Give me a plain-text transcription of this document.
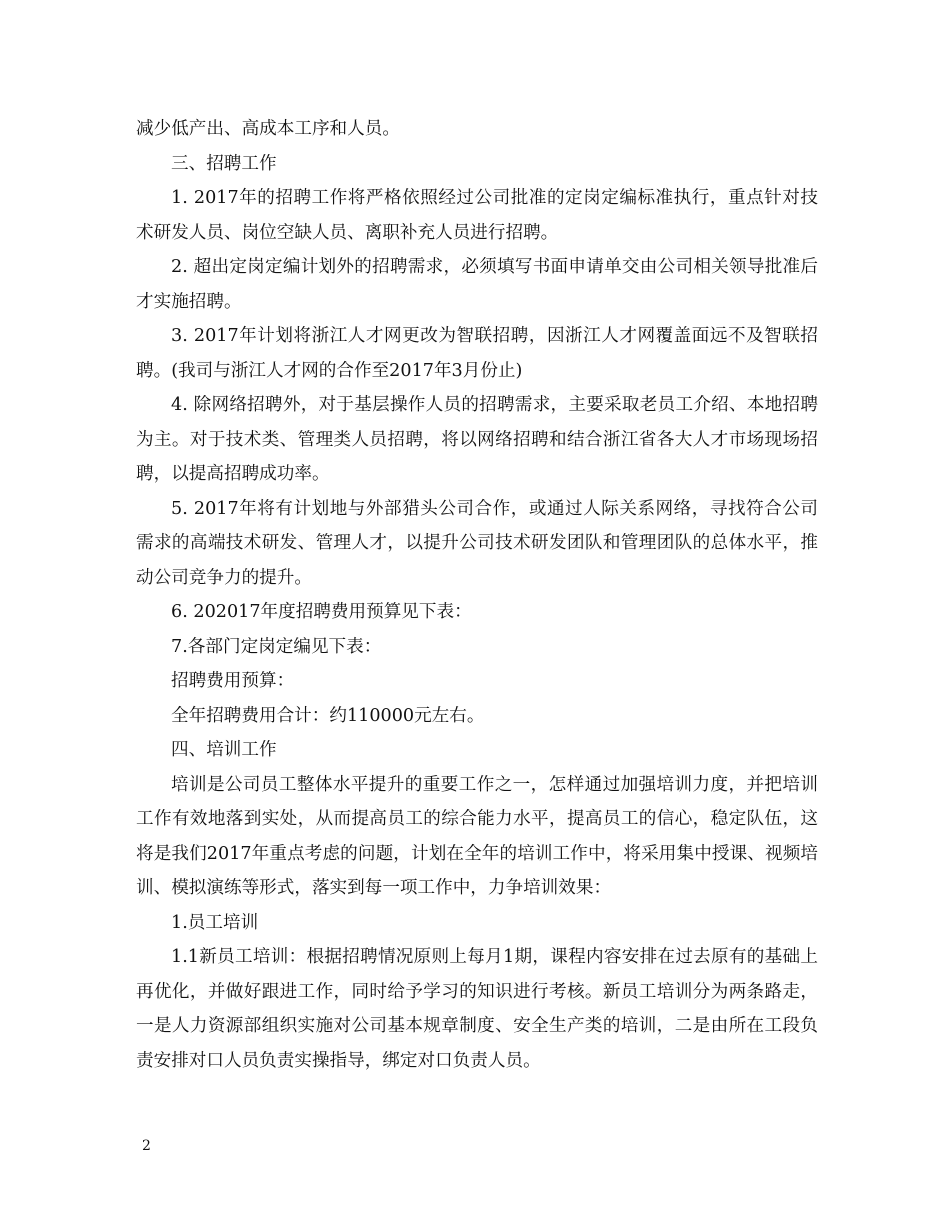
减少低产出、高成本工序和人员。

三、招聘工作

1. 2017年的招聘工作将严格依照经过公司批准的定岗定编标准执行，重点针对技术研发人员、岗位空缺人员、离职补充人员进行招聘。

2. 超出定岗定编计划外的招聘需求，必须填写书面申请单交由公司相关领导批准后才实施招聘。

3. 2017年计划将浙江人才网更改为智联招聘，因浙江人才网覆盖面远不及智联招聘。(我司与浙江人才网的合作至2017年3月份止)

4. 除网络招聘外，对于基层操作人员的招聘需求，主要采取老员工介绍、本地招聘为主。对于技术类、管理类人员招聘，将以网络招聘和结合浙江省各大人才市场现场招聘，以提高招聘成功率。

5. 2017年将有计划地与外部猎头公司合作，或通过人际关系网络，寻找符合公司需求的高端技术研发、管理人才，以提升公司技术研发团队和管理团队的总体水平，推动公司竞争力的提升。

6. 202017年度招聘费用预算见下表：

7.各部门定岗定编见下表：

招聘费用预算：

全年招聘费用合计：约110000元左右。

四、培训工作

培训是公司员工整体水平提升的重要工作之一，怎样通过加强培训力度，并把培训工作有效地落到实处，从而提高员工的综合能力水平，提高员工的信心，稳定队伍，这将是我们2017年重点考虑的问题，计划在全年的培训工作中，将采用集中授课、视频培训、模拟演练等形式，落实到每一项工作中，力争培训效果：

1.员工培训

1.1新员工培训：根据招聘情况原则上每月1期，课程内容安排在过去原有的基础上再优化，并做好跟进工作，同时给予学习的知识进行考核。新员工培训分为两条路走，一是人力资源部组织实施对公司基本规章制度、安全生产类的培训，二是由所在工段负责安排对口人员负责实操指导，绑定对口负责人员。

2
